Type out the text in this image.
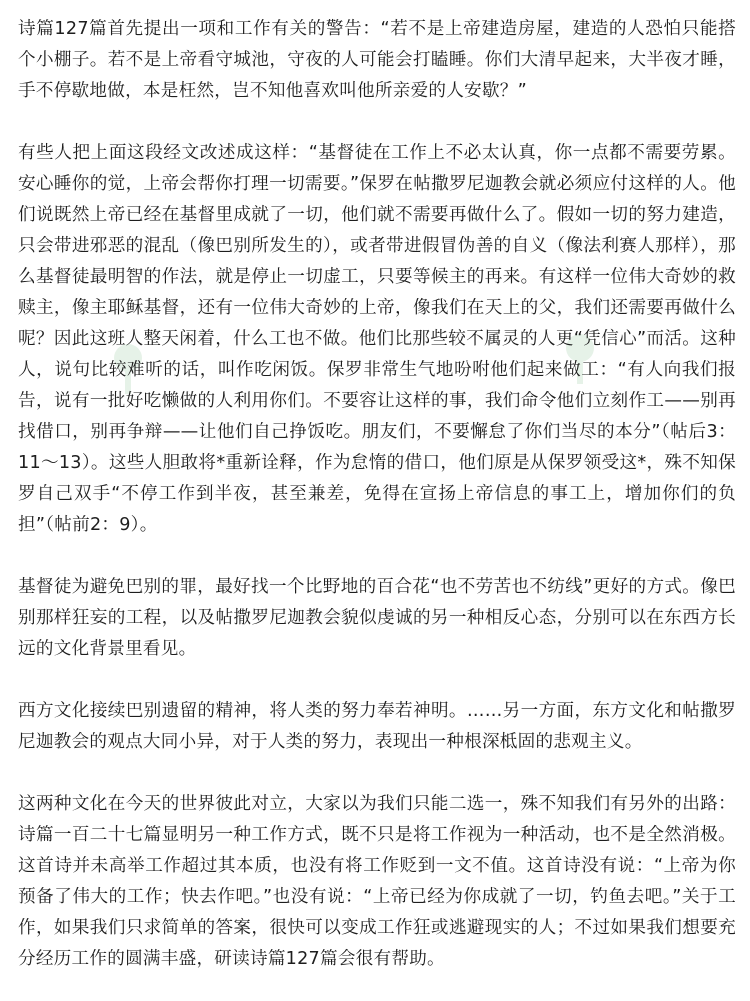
诗篇127篇首先提出一项和工作有关的警告：“若不是上帝建造房屋，建造的人恐怕只能搭个小棚子。若不是上帝看守城池，守夜的人可能会打瞌睡。你们大清早起来，大半夜才睡，手不停歇地做，本是枉然，岂不知他喜欢叫他所亲爱的人安歇？”

有些人把上面这段经文改述成这样：“基督徒在工作上不必太认真，你一点都不需要劳累。安心睡你的觉，上帝会帮你打理一切需要。”保罗在帖撒罗尼迦教会就必须应付这样的人。他们说既然上帝已经在基督里成就了一切，他们就不需要再做什么了。假如一切的努力建造，只会带进邪恶的混乱（像巴别所发生的），或者带进假冒伪善的自义（像法利赛人那样），那么基督徒最明智的作法，就是停止一切虚工，只要等候主的再来。有这样一位伟大奇妙的救赎主，像主耶稣基督，还有一位伟大奇妙的上帝，像我们在天上的父，我们还需要再做什么呢？因此这班人整天闲着，什么工也不做。他们比那些较不属灵的人更“凭信心”而活。这种人，说句比较难听的话，叫作吃闲饭。保罗非常生气地吩咐他们起来做工：“有人向我们报告，说有一批好吃懒做的人利用你们。不要容让这样的事，我们命令他们立刻作工——别再找借口，别再争辩——让他们自己挣饭吃。朋友们，不要懈怠了你们当尽的本分”（帖后3：11～13）。这些人胆敢将*重新诠释，作为怠惰的借口，他们原是从保罗领受这*，殊不知保罗自己双手“不停工作到半夜，甚至兼差，免得在宣扬上帝信息的事工上，增加你们的负担”（帖前2：9）。

基督徒为避免巴别的罪，最好找一个比野地的百合花“也不劳苦也不纺线”更好的方式。像巴别那样狂妄的工程，以及帖撒罗尼迦教会貌似虔诚的另一种相反心态，分别可以在东西方长远的文化背景里看见。

西方文化接续巴别遗留的精神，将人类的努力奉若神明。……另一方面，东方文化和帖撒罗尼迦教会的观点大同小异，对于人类的努力，表现出一种根深柢固的悲观主义。

这两种文化在今天的世界彼此对立，大家以为我们只能二选一，殊不知我们有另外的出路：诗篇一百二十七篇显明另一种工作方式，既不只是将工作视为一种活动，也不是全然消极。这首诗并未高举工作超过其本质，也没有将工作贬到一文不值。这首诗没有说：“上帝为你预备了伟大的工作；快去作吧。”也没有说：“上帝已经为你成就了一切，钓鱼去吧。”关于工作，如果我们只求简单的答案，很快可以变成工作狂或逃避现实的人；不过如果我们想要充分经历工作的圆满丰盛，研读诗篇127篇会很有帮助。
